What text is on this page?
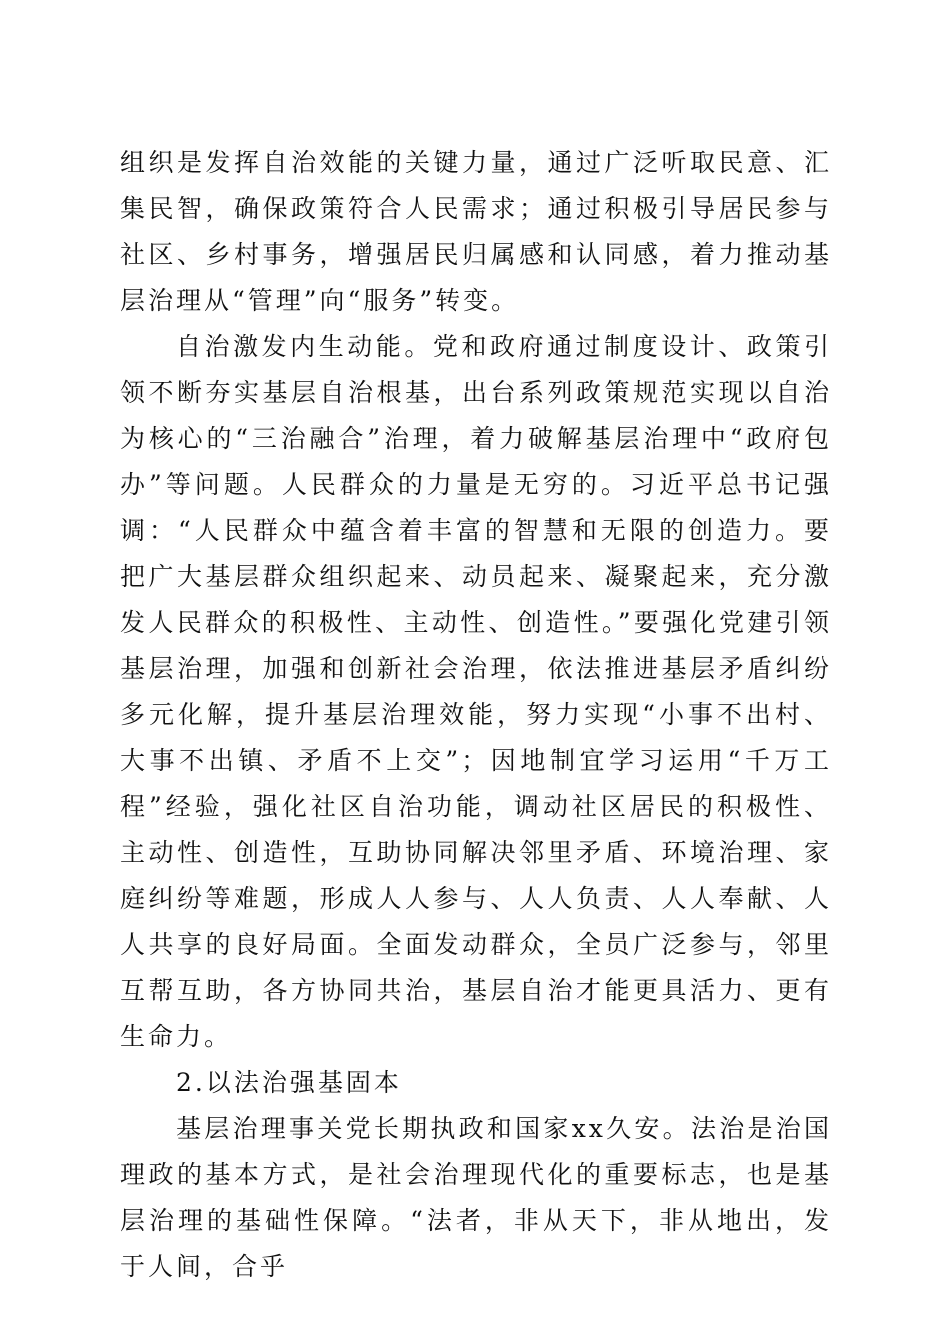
组织是发挥自治效能的关键力量，通过广泛听取民意、汇集民智，确保政策符合人民需求；通过积极引导居民参与社区、乡村事务，增强居民归属感和认同感，着力推动基层治理从“管理”向“服务”转变。

自治激发内生动能。党和政府通过制度设计、政策引领不断夯实基层自治根基，出台系列政策规范实现以自治为核心的“三治融合”治理，着力破解基层治理中“政府包办”等问题。人民群众的力量是无穷的。习近平总书记强调：“人民群众中蕴含着丰富的智慧和无限的创造力。要把广大基层群众组织起来、动员起来、凝聚起来，充分激发人民群众的积极性、主动性、创造性。”要强化党建引领基层治理，加强和创新社会治理，依法推进基层矛盾纠纷多元化解，提升基层治理效能，努力实现“小事不出村、大事不出镇、矛盾不上交”；因地制宜学习运用“千万工程”经验，强化社区自治功能，调动社区居民的积极性、主动性、创造性，互助协同解决邻里矛盾、环境治理、家庭纠纷等难题，形成人人参与、人人负责、人人奉献、人人共享的良好局面。全面发动群众，全员广泛参与，邻里互帮互助，各方协同共治，基层自治才能更具活力、更有生命力。

2.以法治强基固本

基层治理事关党长期执政和国家xx久安。法治是治国理政的基本方式，是社会治理现代化的重要标志，也是基层治理的基础性保障。“法者，非从天下，非从地出，发于人间，合乎
